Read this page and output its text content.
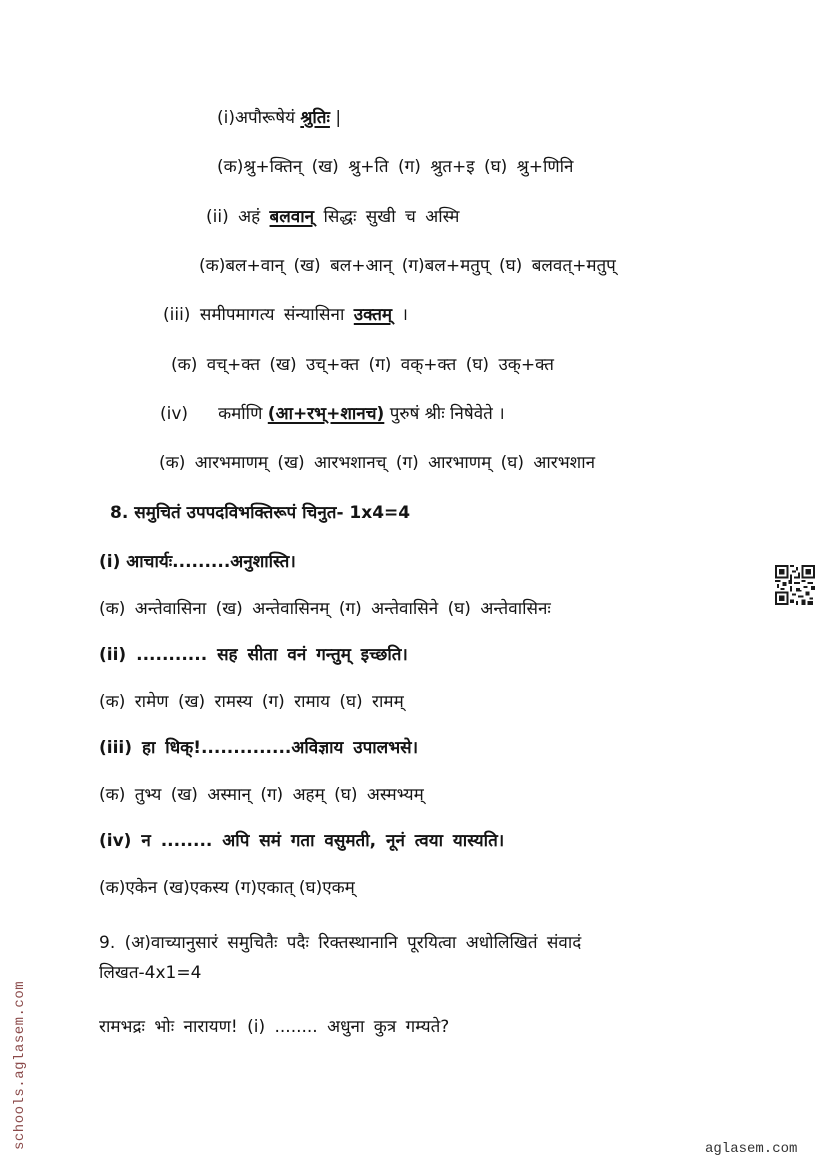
(i)अपौरूषेयं श्रुतिः |
(क)श्रु+क्तिन् (ख) श्रु+ति (ग) श्रुत+इ (घ) श्रु+णिनि
(ii) अहं बलवान् सिद्धः सुखी च अस्मि
(क)बल+वान् (ख) बल+आन् (ग)बल+मतुप् (घ) बलवत्+मतुप्
(iii) समीपमागत्य संन्यासिना उक्तम् ।
(क) वच्+क्त (ख) उच्+क्त (ग) वक्+क्त (घ) उक्+क्त
(iv) कर्माणि (आ+रभ्+शानच) पुरुषं श्रीः निषेवेते ।
(क) आरभमाणम् (ख) आरभशानच् (ग) आरभाणम् (घ) आरभशान
8. समुचितं उपपदविभक्तिरूपं चिनुत- 1x4=4
(i) आचार्यः.........अनुशास्ति।
(क) अन्तेवासिना (ख) अन्तेवासिनम् (ग) अन्तेवासिने (घ) अन्तेवासिनः
(ii) ........... सह सीता वनं गन्तुम् इच्छति।
(क) रामेण (ख) रामस्य (ग) रामाय (घ) रामम्
(iii) हा धिक्!..............अविज्ञाय उपालभसे।
(क) तुभ्य (ख) अस्मान् (ग) अहम् (घ) अस्मभ्यम्
(iv) न ........ अपि समं गता वसुमती, नूनं त्वया यास्यति।
(क)एकेन (ख)एकस्य (ग)एकात् (घ)एकम्
9. (अ)वाच्यानुसारं समुचितैः पदैः रिक्तस्थानानि पूरयित्वा अधोलिखितं संवादं
लिखत-4x1=4
रामभद्रः भोः नारायण! (i) ........ अधुना कुत्र गम्यते?
schools.aglasem.com	aglasem.com
